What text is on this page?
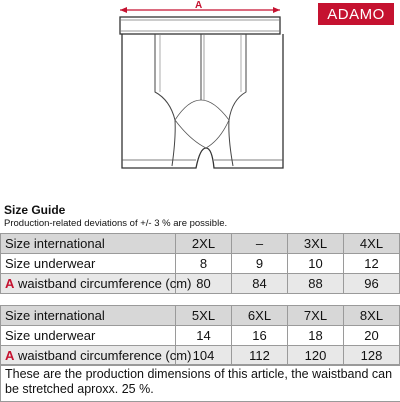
ADAMO
A
Size Guide
Production-related deviations of +/- 3 % are possible.
Size international	2XL	–	3XL	4XL
Size underwear	8	9	10	12
A waistband circumference (cm)	80	84	88	96
Size international	5XL	6XL	7XL	8XL
Size underwear	14	16	18	20
A waistband circumference (cm)	104	112	120	128
These are the production dimensions of this article, the waistband can be stretched aproxx. 25 %.
